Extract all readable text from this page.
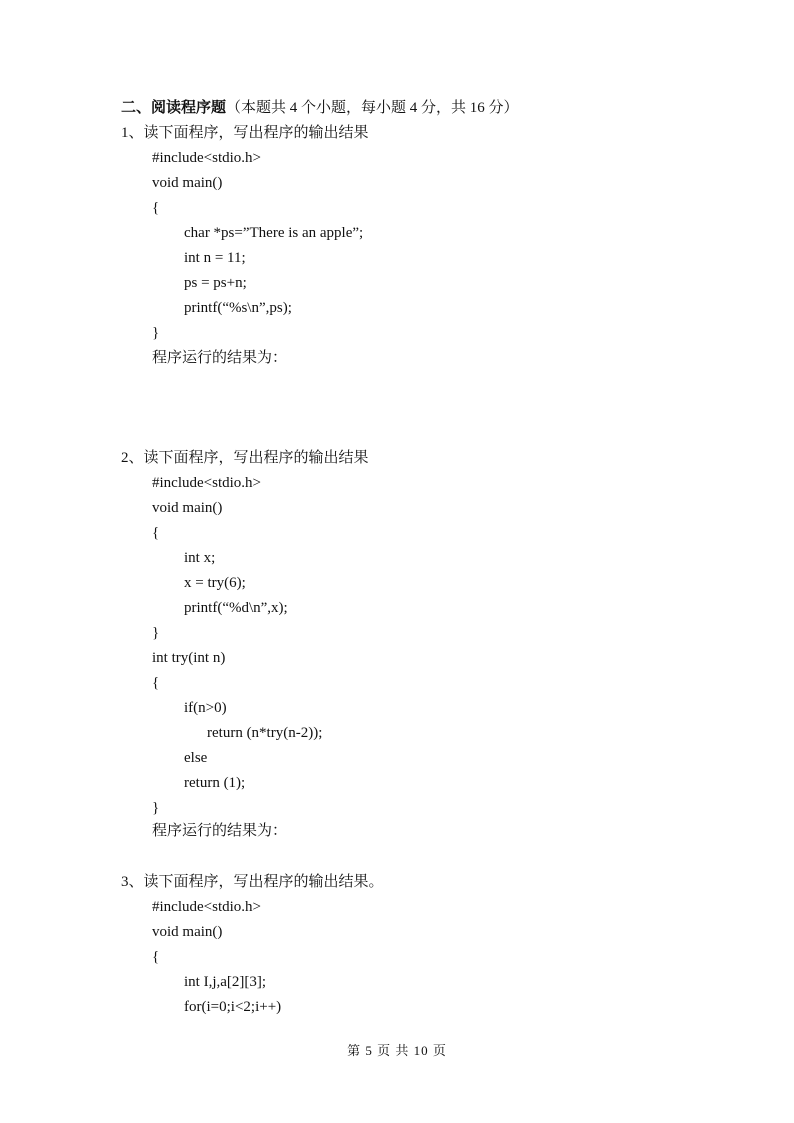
二、阅读程序题（本题共 4 个小题，每小题 4 分，共 16 分）
1、读下面程序，写出程序的输出结果
#include<stdio.h>
void main()
{
char *ps=”There is an apple”;
int n = 11;
ps = ps+n;
printf(“%s\n”,ps);
}
程序运行的结果为：
2、读下面程序，写出程序的输出结果
#include<stdio.h>
void main()
{
int x;
x = try(6);
printf(“%d\n”,x);
}
int try(int n)
{
if(n>0)
return (n*try(n-2));
else
return (1);
}
程序运行的结果为：
3、读下面程序，写出程序的输出结果。
#include<stdio.h>
void main()
{
int I,j,a[2][3];
for(i=0;i<2;i++)
第 5 页 共 10 页
